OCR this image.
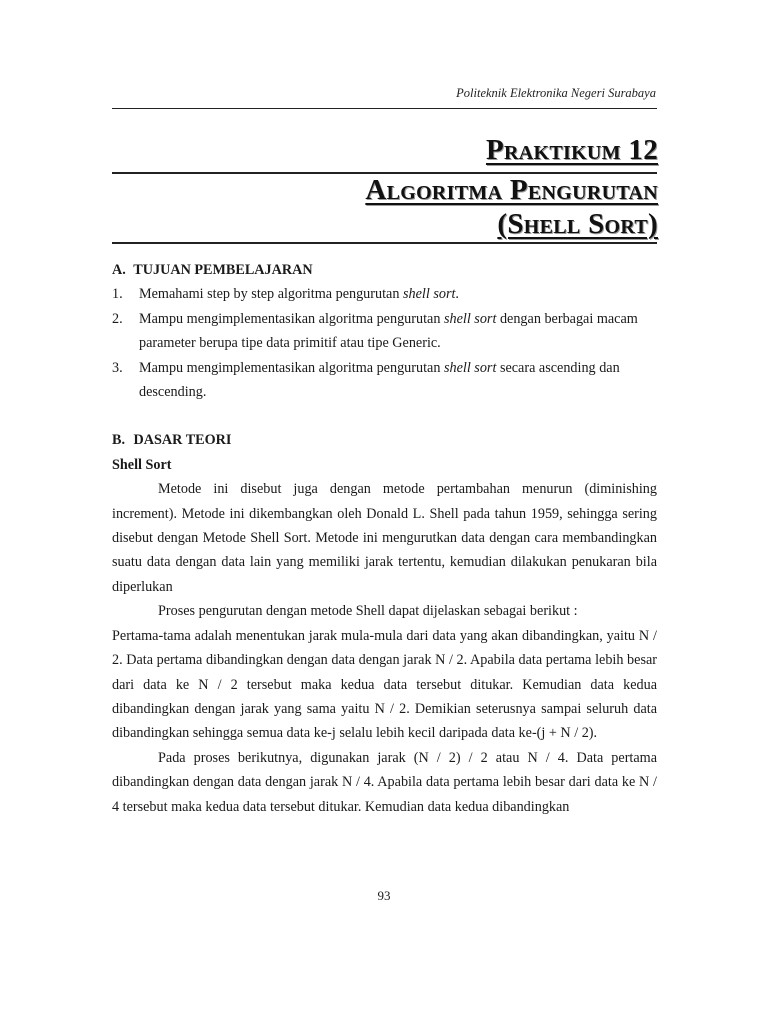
Politeknik Elektronika Negeri Surabaya
Praktikum 12
Algoritma Pengurutan
(Shell Sort)
A. TUJUAN PEMBELAJARAN
1. Memahami step by step algoritma pengurutan shell sort.
2. Mampu mengimplementasikan algoritma pengurutan shell sort dengan berbagai macam parameter berupa tipe data primitif atau tipe Generic.
3. Mampu mengimplementasikan algoritma pengurutan shell sort secara ascending dan descending.
B. DASAR TEORI
Shell Sort

Metode ini disebut juga dengan metode pertambahan menurun (diminishing increment). Metode ini dikembangkan oleh Donald L. Shell pada tahun 1959, sehingga sering disebut dengan Metode Shell Sort. Metode ini mengurutkan data dengan cara membandingkan suatu data dengan data lain yang memiliki jarak tertentu, kemudian dilakukan penukaran bila diperlukan

Proses pengurutan dengan metode Shell dapat dijelaskan sebagai berikut :

Pertama-tama adalah menentukan jarak mula-mula dari data yang akan dibandingkan, yaitu N / 2. Data pertama dibandingkan dengan data dengan jarak N / 2. Apabila data pertama lebih besar dari data ke N / 2 tersebut maka kedua data tersebut ditukar. Kemudian data kedua dibandingkan dengan jarak yang sama yaitu N / 2. Demikian seterusnya sampai seluruh data dibandingkan sehingga semua data ke-j selalu lebih kecil daripada data ke-(j + N / 2).

Pada proses berikutnya, digunakan jarak (N / 2) / 2 atau N / 4. Data pertama dibandingkan dengan data dengan jarak N / 4. Apabila data pertama lebih besar dari data ke N / 4 tersebut maka kedua data tersebut ditukar. Kemudian data kedua dibandingkan

93
